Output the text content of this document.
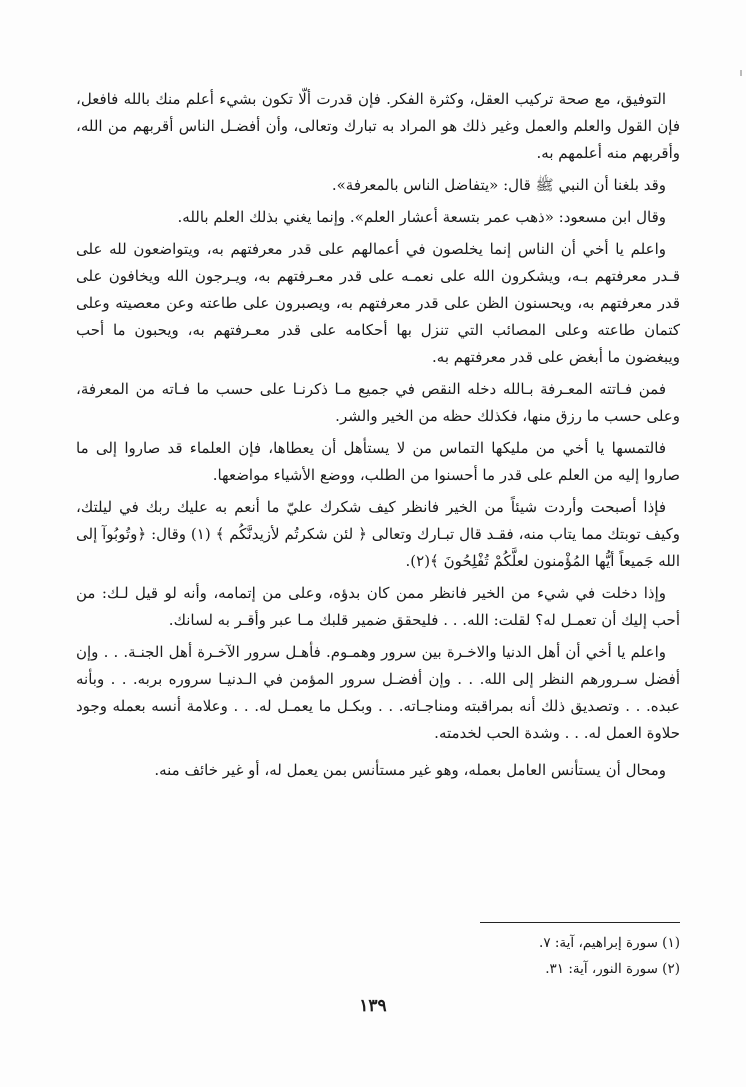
التوفيق، مع صحة تركيب العقل، وكثرة الفكر. فإن قدرت ألّا تكون بشيء أعلم منك بالله فافعل، فإن القول والعلم والعمل وغير ذلك هو المراد به تبارك وتعالى، وأن أفضـل الناس أقربهم من الله، وأقربهم منه أعلمهم به.

وقد بلغنا أن النبي ﷺ قال: «يتفاضل الناس بالمعرفة».

وقال ابن مسعود: «ذهب عمر بتسعة أعشار العلم». وإنما يغني بذلك العلم بالله.

واعلم يا أخي أن الناس إنما يخلصون في أعمالهم على قدر معرفتهم به، ويتواضعون لله على قـدر معرفتهم بـه، ويشكرون الله على نعمـه على قدر معـرفتهم به، ويـرجون الله ويخافون على قدر معرفتهم به، ويحسنون الظن على قدر معرفتهم به، ويصبرون على طاعته وعن معصيته وعلى كتمان طاعته وعلى المصائب التي تنزل بها أحكامه على قدر معـرفتهم به، ويحبون ما أحب ويبغضون ما أبغض على قدر معرفتهم به.

فمن فـاتته المعـرفة بـالله دخله النقص في جميع مـا ذكرنـا على حسب ما فـاته من المعرفة، وعلى حسب ما رزق منها، فكذلك حظه من الخير والشر.

فالتمسها يا أخي من مليكها التماس من لا يستأهل أن يعطاها، فإن العلماء قد صاروا إلى ما صاروا إليه من العلم على قدر ما أحسنوا من الطلب، ووضع الأشياء مواضعها.

فإذا أصبحت وأردت شيئاً من الخير فانظر كيف شكرك عليّ ما أنعم به عليك ربك في ليلتك، وكيف توبتك مما يتاب منه، فقـد قال تبـارك وتعالى ﴿ لئن شكرتُم لأزيدنَّكُم ﴾ (١) وقال: ﴿وتُوبُوآ إلى الله جَميعاً أيُّها المُؤْمنون لعلَّكُمْ تُفْلِحُونَ ﴾(٢).

وإذا دخلت في شيء من الخير فانظر ممن كان بدؤه، وعلى من إتمامه، وأنه لو قيل لـك: من أحب إليك أن تعمـل له؟ لقلت: الله. . . فليحقق ضمير قلبك مـا عبر وأقـر به لسانك.

واعلم يا أخي أن أهل الدنيا والاخـرة بين سرور وهمـوم. فأهـل سرور الآخـرة أهل الجنـة. . . وإن أفضل سـرورهم النظر إلى الله. . . وإن أفضـل سرور المؤمن في الـدنيـا سروره بربه. . . وبأنه عبده. . . وتصديق ذلك أنه بمراقبته ومناجـاته. . . وبكـل ما يعمـل له. . . وعلامة أنسه بعمله وجود حلاوة العمل له. . . وشدة الحب لخدمته.

ومحال أن يستأنس العامل بعمله، وهو غير مستأنس بمن يعمل له، أو غير خائف منه.

(١) سورة إبراهيم، آية: ٧.

(٢) سورة النور، آية: ٣١.

١٣٩
